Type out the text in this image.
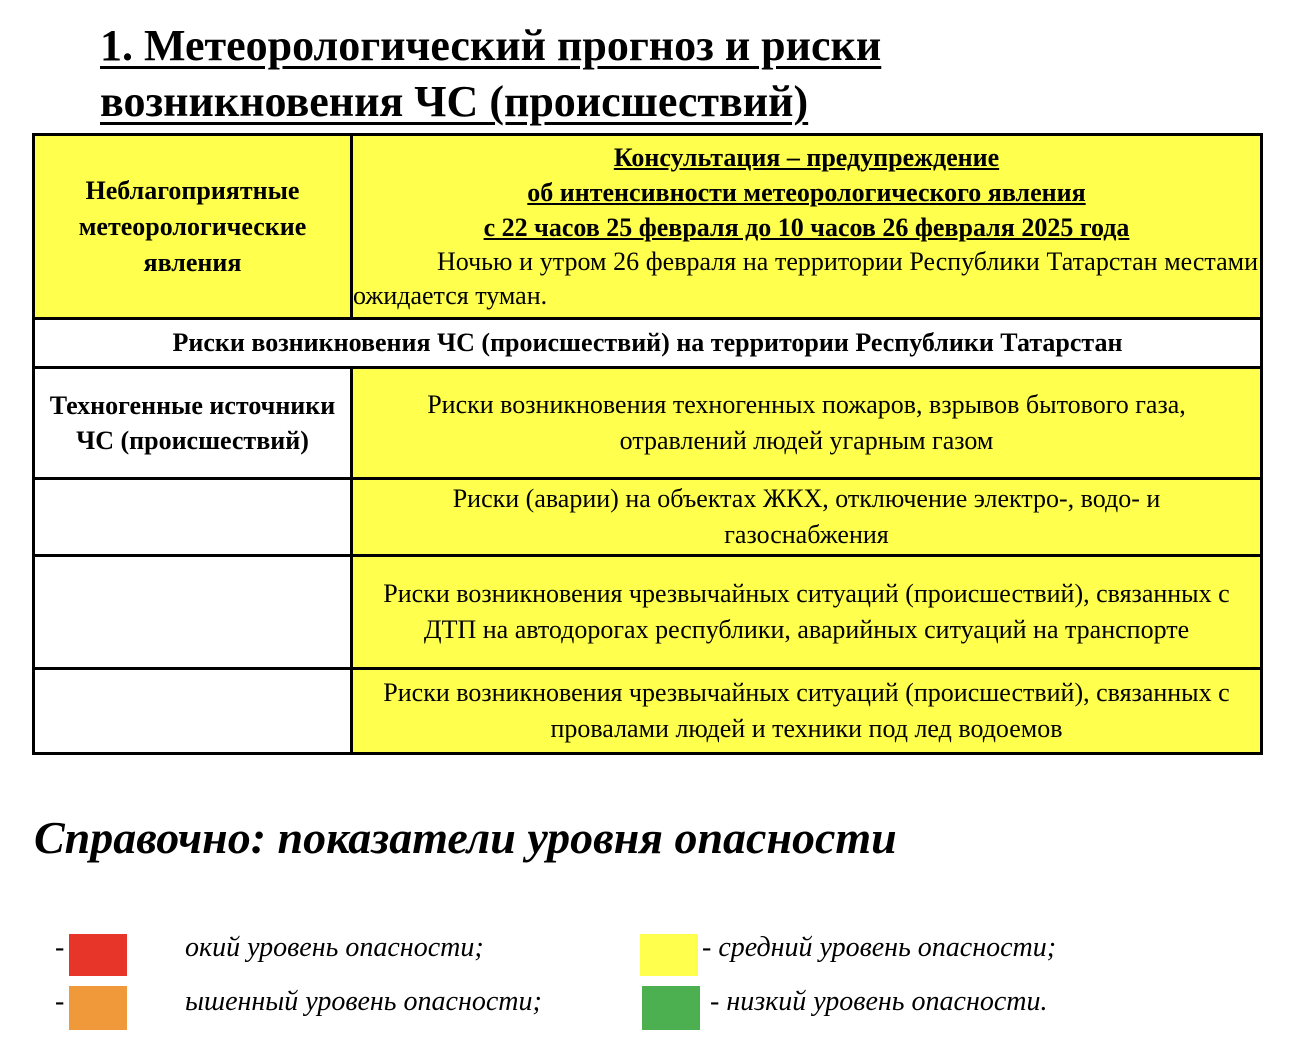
1. Метеорологический прогноз и риски
возникновения ЧС (происшествий)
Неблагоприятные метеорологические явления	Консультация – предупреждение
об интенсивности метеорологического явления
с 22 часов 25 февраля до 10 часов 26 февраля 2025 года
Ночью и утром 26 февраля на территории Республики Татарстан местами ожидается туман.

Риски возникновения ЧС (происшествий) на территории Республики Татарстан	

Техногенные источники ЧС (происшествий)	Риски возникновения техногенных пожаров, взрывов бытового газа, отравлений людей угарным газом

	Риски (аварии) на объектах ЖКХ, отключение электро-, водо- и газоснабжения

	Риски возникновения чрезвычайных ситуаций (происшествий), связанных с ДТП на автодорогах республики, аварийных ситуаций на транспорте

	Риски возникновения чрезвычайных ситуаций (происшествий), связанных с провалами людей и техники под лед водоемов
Справочно: показатели уровня опасности
-	окий уровень опасности;
-	ышенный уровень опасности;
- средний уровень опасности;
- низкий уровень опасности.
